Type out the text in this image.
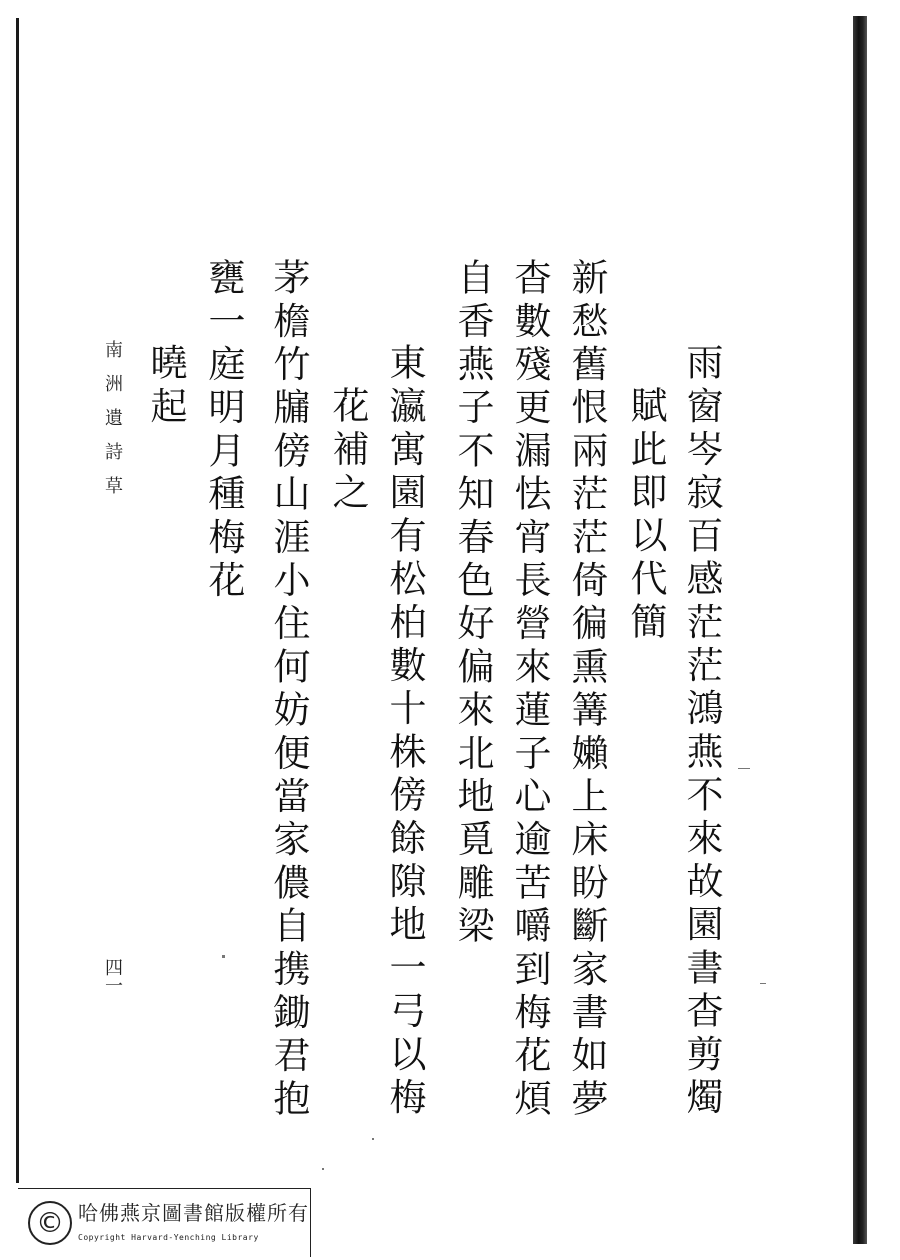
雨窗岑寂百感茫茫鴻燕不來故園書杳剪燭
賦此即以代簡
新愁舊恨兩茫茫倚徧熏篝嬾上床盼斷家書如夢
杳數殘更漏怯宵長營來蓮子心逾苦嚼到梅花煩
自香燕子不知春色好偏來北地覓雕梁
東瀛寓園有松柏數十株傍餘隙地一弓以梅
花補之
茅檐竹牖傍山涯小住何妨便當家儂自携鋤君抱
甕一庭明月種梅花
曉起
南洲遺詩草
四一
© 哈佛燕京圖書館版權所有
Copyright Harvard-Yenching Library
